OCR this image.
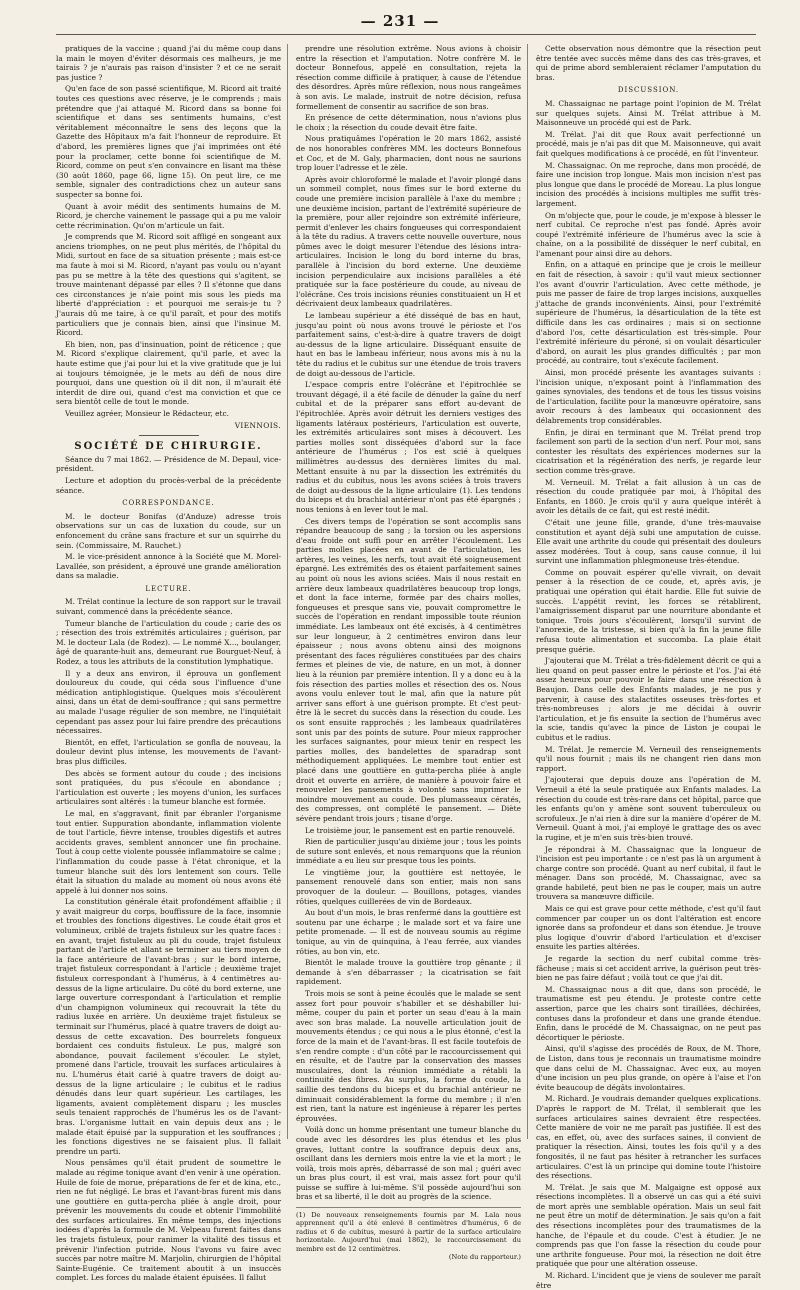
— 231 —

pratiques de la vaccine ; quand j'ai du même coup dans la main le moyen d'éviter désormais ces malheurs, je me tairais ? je n'aurais pas raison d'insister ? et ce ne serait pas justice ?

Qu'en face de son passé scientifique, M. Ricord ait traité toutes ces questions avec réserve, je le comprends ; mais prétendre que j'ai attaqué M. Ricord dans sa bonne foi scientifique et dans ses sentiments humains, c'est véritablement méconnaître le sens des leçons que la Gazette des Hôpitaux m'a fait l'honneur de reproduire. Et d'abord, les premières lignes que j'ai imprimées ont été pour la proclamer, cette bonne foi scientifique de M. Ricord, comme on peut s'en convaincre en lisant ma thèse (30 août 1860, page 66, ligne 15). On peut lire, ce me semble, signaler des contradictions chez un auteur sans suspecter sa bonne foi.

Quant à avoir médit des sentiments humains de M. Ricord, je cherche vainement le passage qui a pu me valoir cette récrimination. Qu'on m'articule un fait.

Je comprends que M. Ricord soit affligé en songeant aux anciens triomphes, on ne peut plus mérités, de l'hôpital du Midi, surtout en face de sa situation présente ; mais est-ce ma faute à moi si M. Ricord, n'ayant pas voulu ou n'ayant pas pu se mettre à la tête des questions qui s'agitent, se trouve maintenant dépassé par elles ? Il s'étonne que dans ces circonstances je n'aie point mis sous les pieds ma liberté d'appréciation : et pourquoi me serais-je tu ? J'aurais dû me taire, à ce qu'il paraît, et pour des motifs particuliers que je connais bien, ainsi que l'insinue M. Ricord.

Eh bien, non, pas d'insinuation, point de réticence ; que M. Ricord s'explique clairement, qu'il parle, et avec la haute estime que j'ai pour lui et la vive gratitude que je lui ai toujours témoignée, je le mets au défi de nous dire pourquoi, dans une question où il dit non, il m'aurait été interdit de dire oui, quand c'est ma conviction et que ce sera bientôt celle de tout le monde.

Veuillez agréer, Monsieur le Rédacteur, etc.

VIENNOIS.

SOCIÉTÉ DE CHIRURGIE.

Séance du 7 mai 1862. — Présidence de M. Depaul, vice-président.

Lecture et adoption du procès-verbal de la précédente séance.

CORRESPONDANCE.

M. le docteur Bonifas (d'Anduze) adresse trois observations sur un cas de luxation du coude, sur un enfoncement du crâne sans fracture et sur un squirrhe du sein. (Commissaire, M. Rauchet.)

M. le vice-président annonce à la Société que M. Morel-Lavallée, son président, a éprouvé une grande amélioration dans sa maladie.

LECTURE.

M. Trélat continue la lecture de son rapport sur le travail suivant, commencé dans la précédente séance.

Tumeur blanche de l'articulation du coude ; carie des os ; résection des trois extrémités articulaires ; guérison, par M. le docteur Lala (de Rodez). — Le nommé X..., boulanger, âgé de quarante-huit ans, demeurant rue Bourguet-Neuf, à Rodez, a tous les attributs de la constitution lymphatique.

Il y a deux ans environ, il éprouva un gonflement douloureux du coude, qui céda sous l'influence d'une médication antiphlogistique. Quelques mois s'écoulèrent ainsi, dans un état de demi-souffrance ; qui sans permettre au malade l'usage régulier de son membre, ne l'inquiétait cependant pas assez pour lui faire prendre des précautions nécessaires.

Bientôt, en effet, l'articulation se gonfla de nouveau, la douleur devint plus intense, les mouvements de l'avant-bras plus difficiles.

Des abcès se forment autour du coude ; des incisions sont pratiquées, du pus s'écoule en abondance ; l'articulation est ouverte ; les moyens d'union, les surfaces articulaires sont altérés : la tumeur blanche est formée.

Le mal, en s'aggravant, finit par ébranler l'organisme tout entier. Suppuration abondante, inflammation violente de tout l'article, fièvre intense, troubles digestifs et autres accidents graves, semblent annoncer une fin prochaine. Tout à coup cette violente poussée inflammatoire se calme ; l'inflammation du coude passe à l'état chronique, et la tumeur blanche suit dès lors lentement son cours. Telle était la situation du malade au moment où nous avons été appelé à lui donner nos soins.

La constitution générale était profondément affaiblie ; il y avait maigreur du corps, bouffissure de la face, insomnie et troubles des fonctions digestives. Le coude était gros et volumineux, criblé de trajets fistuleux sur les quatre faces : en avant, trajet fistuleux au pli du coude, trajet fistuleux partant de l'article et allant se terminer au tiers moyen de la face antérieure de l'avant-bras ; sur le bord interne, trajet fistuleux correspondant à l'article ; deuxième trajet fistuleux correspondant à l'humérus, à 4 centimètres au-dessus de la ligne articulaire. Du côté du bord externe, une large ouverture correspondant à l'articulation et remplie d'un champignon volumineux qui recouvrait la tête du radius luxée en arrière. Un deuxième trajet fistuleux se terminait sur l'humérus, placé à quatre travers de doigt au-dessus de cette excavation. Des bourrelets fongueux bordaient ces conduits fistuleux. Le pus, malgré son abondance, pouvait facilement s'écouler. Le stylet, promené dans l'article, trouvait les surfaces articulaires à nu. L'humérus était carié à quatre travers de doigt au-dessus de la ligne articulaire ; le cubitus et le radius dénudés dans leur quart supérieur. Les cartilages, les ligaments, avaient complètement disparu ; les muscles seuls tenaient rapprochés de l'humérus les os de l'avant-bras. L'organisme luttait en vain depuis deux ans ; le malade était épuisé par la suppuration et les souffrances ; les fonctions digestives ne se faisaient plus. Il fallait prendre un parti.

Nous pensâmes qu'il était prudent de soumettre le malade au régime tonique avant d'en venir à une opération. Huile de foie de morue, préparations de fer et de kina, etc., rien ne fut négligé. Le bras et l'avant-bras furent mis dans une gouttière en gutta-percha pliée à angle droit, pour prévenir les mouvements du coude et obtenir l'immobilité des surfaces articulaires. En même temps, des injections iodées d'après la formule de M. Velpeau furent faites dans les trajets fistuleux, pour ranimer la vitalité des tissus et prévenir l'infection putride. Nous l'avons vu faire avec succès par notre maître M. Marjolin, chirurgien de l'hôpital Sainte-Eugénie. Ce traitement aboutit à un insuccès complet. Les forces du malade étaient épuisées. Il fallut

prendre une résolution extrême. Nous avions à choisir entre la résection et l'amputation. Notre confrère M. le docteur Bonnefous, appelé en consultation, rejeta la résection comme difficile à pratiquer, à cause de l'étendue des désordres. Après mûre réflexion, nous nous rangeâmes à son avis. Le malade, instruit de notre décision, refusa formellement de consentir au sacrifice de son bras.

En présence de cette détermination, nous n'avions plus le choix ; la résection du coude devait être faite.

Nous pratiquâmes l'opération le 20 mars 1862, assisté de nos honorables confrères MM. les docteurs Bonnefous et Coc, et de M. Galy, pharmacien, dont nous ne saurions trop louer l'adresse et le zèle.

Après avoir chloroformé le malade et l'avoir plongé dans un sommeil complet, nous fîmes sur le bord externe du coude une première incision parallèle à l'axe du membre ; une deuxième incision, partant de l'extrémité supérieure de la première, pour aller rejoindre son extrémité inférieure, permit d'enlever les chairs fongueuses qui correspondaient à la tête du radius. A travers cette nouvelle ouverture, nous pûmes avec le doigt mesurer l'étendue des lésions intra-articulaires. Incision le long du bord interne du bras, parallèle à l'incision du bord externe. Une deuxième incision perpendiculaire aux incisions parallèles a été pratiquée sur la face postérieure du coude, au niveau de l'olécrâne. Ces trois incisions réunies constituaient un H et décrivaient deux lambeaux quadrilatères.

Le lambeau supérieur a été disséqué de bas en haut, jusqu'au point où nous avons trouvé le périoste et l'os parfaitement sains, c'est-à-dire à quatre travers de doigt au-dessus de la ligne articulaire. Disséquant ensuite de haut en bas le lambeau inférieur, nous avons mis à nu la tête du radius et le cubitus sur une étendue de trois travers de doigt au-dessous de l'article.

L'espace compris entre l'olécrâne et l'épitrochlée se trouvant dégagé, il a été facile de dénuder la gaîne du nerf cubital et de la préparer sans effort au-devant de l'épitrochlée. Après avoir détruit les derniers vestiges des ligaments latéraux postérieurs, l'articulation est ouverte, les extrémités articulaires sont mises à découvert. Les parties molles sont disséquées d'abord sur la face antérieure de l'humérus ; l'os est scié à quelques millimètres au-dessus des dernières limites du mal. Mettant ensuite à nu par la dissection les extrémités du radius et du cubitus, nous les avons sciées à trois travers de doigt au-dessous de la ligne articulaire (1). Les tendons du biceps et du brachial antérieur n'ont pas été épargnés ; nous tenions à en lever tout le mal.

Ces divers temps de l'opération se sont accomplis sans répandre beaucoup de sang ; la torsion ou les aspersions d'eau froide ont suffi pour en arrêter l'écoulement. Les parties molles placées en avant de l'articulation, les artères, les veines, les nerfs, tout avait été soigneusement épargné. Les extrémités des os étaient parfaitement saines au point où nous les avions sciées. Mais il nous restait en arrière deux lambeaux quadrilatères beaucoup trop longs, et dont la face interne, formée par des chairs molles, fongueuses et presque sans vie, pouvait compromettre le succès de l'opération en rendant impossible toute réunion immédiate. Les lambeaux ont été excisés, à 4 centimètres sur leur longueur, à 2 centimètres environ dans leur épaisseur ; nous avons obtenu ainsi des moignons présentant des faces régulières constituées par des chairs fermes et pleines de vie, de nature, en un mot, à donner lieu à la réunion par première intention. Il y a donc eu à la fois résection des parties molles et résection des os. Nous avons voulu enlever tout le mal, afin que la nature pût arriver sans effort à une guérison prompte. Et c'est peut-être là le secret du succès dans la résection du coude. Les os sont ensuite rapprochés ; les lambeaux quadrilatères sont unis par des points de suture. Pour mieux rapprocher les surfaces saignantes, pour mieux tenir en respect les parties molles, des bandelettes de sparadrap sont méthodiquement appliquées. Le membre tout entier est placé dans une gouttière en gutta-percha pliée à angle droit et ouverte en arrière, de manière à pouvoir faire et renouveler les pansements à volonté sans imprimer le moindre mouvement au coude. Des plumasseaux cératés, des compresses, ont complété le pansement. — Diète sévère pendant trois jours ; tisane d'orge.

Le troisième jour, le pansement est en partie renouvelé.

Rien de particulier jusqu'au dixième jour ; tous les points de suture sont enlevés, et nous remarquons que la réunion immédiate a eu lieu sur presque tous les points.

Le vingtième jour, la gouttière est nettoyée, le pansement renouvelé dans son entier, mais non sans provoquer de la douleur. — Bouillons, potages, viandes rôties, quelques cuillerées de vin de Bordeaux.

Au bout d'un mois, le bras renfermé dans la gouttière est soutenu par une écharpe ; le malade sort et va faire une petite promenade. — Il est de nouveau soumis au régime tonique, au vin de quinquina, à l'eau ferrée, aux viandes rôties, au bon vin, etc.

Bientôt le malade trouve la gouttière trop gênante ; il demande à s'en débarrasser ; la cicatrisation se fait rapidement.

Trois mois se sont à peine écoulés que le malade se sent assez fort pour pouvoir s'habiller et se déshabiller lui-même, couper du pain et porter un seau d'eau à la main avec son bras malade. La nouvelle articulation jouit de mouvements étendus ; ce qui nous a le plus étonné, c'est la force de la main et de l'avant-bras. Il est facile toutefois de s'en rendre compte : d'un côté par le raccourcissement qui en résulte, et de l'autre par la conservation des masses musculaires, dont la réunion immédiate a rétabli la continuité des fibres. Au surplus, la forme du coude, la saillie des tendons du biceps et du brachial antérieur ne diminuait considérablement la forme du membre ; il n'en est rien, tant la nature est ingénieuse à réparer les pertes éprouvées.

Voilà donc un homme présentant une tumeur blanche du coude avec les désordres les plus étendus et les plus graves, luttant contre la souffrance depuis deux ans, oscillant dans les derniers mois entre la vie et la mort ; le voilà, trois mois après, débarrassé de son mal ; guéri avec un bras plus court, il est vrai, mais assez fort pour qu'il puisse se suffire à lui-même. S'il possède aujourd'hui son bras et sa liberté, il le doit au progrès de la science.

(1) De nouveaux renseignements fournis par M. Lala nous apprennent qu'il a été enlevé 8 centimètres d'humérus, 6 de radius et 6 de cubitus, mesuré à partir de la surface articulaire horizontale. Aujourd'hui (mai 1862), le raccourcissement du membre est de 12 centimètres.
(Note du rapporteur.)

Cette observation nous démontre que la résection peut être tentée avec succès même dans des cas très-graves, et qui de prime abord sembleraient réclamer l'amputation du bras.

DISCUSSION.

M. Chassaignac ne partage point l'opinion de M. Trélat sur quelques sujets. Ainsi M. Trélat attribue à M. Maisonneuve un procédé qui est de Park.

M. Trélat. J'ai dit que Roux avait perfectionné un procédé, mais je n'ai pas dit que M. Maisonneuve, qui avait fait quelques modifications à ce procédé, en fût l'inventeur.

M. Chassaignac. On me reproche, dans mon procédé, de faire une incision trop longue. Mais mon incision n'est pas plus longue que dans le procédé de Moreau. La plus longue incision des procédés à incisions multiples me suffit très-largement.

On m'objecte que, pour le coude, je m'expose à blesser le nerf cubital. Ce reproche n'est pas fondé. Après avoir coupé l'extrémité inférieure de l'humérus avec la scie à chaîne, on a la possibilité de disséquer le nerf cubital, en l'amenant pour ainsi dire au dehors.

Enfin, on a attaqué en principe que je crois le meilleur en fait de résection, à savoir : qu'il vaut mieux sectionner l'os avant d'ouvrir l'articulation. Avec cette méthode, je puis me passer de faire de trop larges incisions, auxquelles j'attache de grands inconvénients. Ainsi, pour l'extrémité supérieure de l'humérus, la désarticulation de la tête est difficile dans les cas ordinaires ; mais si on sectionne d'abord l'os, cette désarticulation est très-simple. Pour l'extrémité inférieure du péroné, si on voulait désarticuler d'abord, on aurait les plus grandes difficultés ; par mon procédé, au contraire, tout s'exécute facilement.

Ainsi, mon procédé présente les avantages suivants : l'incision unique, n'exposant point à l'inflammation des gaines synoviales, des tendons et de tous les tissus voisins de l'articulation, facilite pour la manœuvre opératoire, sans avoir recours à des lambeaux qui occasionnent des délabrements trop considérables.

Enfin, je dirai en terminant que M. Trélat prend trop facilement son parti de la section d'un nerf. Pour moi, sans contester les résultats des expériences modernes sur la cicatrisation et la régénération des nerfs, je regarde leur section comme très-grave.

M. Verneuil. M. Trélat a fait allusion à un cas de résection du coude pratiquée par moi, à l'hôpital des Enfants, en 1860. Je crois qu'il y aura quelque intérêt à avoir les détails de ce fait, qui est resté inédit.

C'était une jeune fille, grande, d'une très-mauvaise constitution et ayant déjà subi une amputation de cuisse. Elle avait une arthrite du coude qui présentait des douleurs assez modérées. Tout à coup, sans cause connue, il lui survint une inflammation phlegmoneuse très-étendue.

Comme on pouvait espérer qu'elle vivrait, on devait penser à la résection de ce coude, et, après avis, je pratiquai une opération qui était hardie. Elle fut suivie de succès. L'appétit revint, les forces se rétablirent, l'amaigrissement disparut par une nourriture abondante et tonique. Trois jours s'écoulèrent, lorsqu'il survint de l'anorexie, de la tristesse, si bien qu'à la fin la jeune fille refusa toute alimentation et succomba. La plaie était presque guérie.

J'ajouterai que M. Trélat a très-fidèlement décrit ce qui a lieu quand on peut passer entre le périoste et l'os. J'ai été assez heureux pour pouvoir le faire dans une résection à Beaujon. Dans celle des Enfants malades, je ne pus y parvenir, à cause des stalactites osseuses très-fortes et très-nombreuses ; alors je me décidai à ouvrir l'articulation, et je fis ensuite la section de l'humérus avec la scie, tandis qu'avec la pince de Liston je coupai le cubitus et le radius.

M. Trélat. Je remercie M. Verneuil des renseignements qu'il nous fournit ; mais ils ne changent rien dans mon rapport.

J'ajouterai que depuis douze ans l'opération de M. Verneuil a été la seule pratiquée aux Enfants malades. La résection du coude est très-rare dans cet hôpital, parce que les enfants qu'on y amène sont souvent tuberculeux ou scrofuleux. Je n'ai rien à dire sur la manière d'opérer de M. Verneuil. Quant à moi, j'ai employé le grattage des os avec la rugine, et je m'en suis très-bien trouvé.

Je répondrai à M. Chassaignac que la longueur de l'incision est peu importante : ce n'est pas là un argument à charge contre son procédé. Quant au nerf cubital, il faut le ménager. Dans son procédé, M. Chassaignac, avec sa grande habileté, peut bien ne pas le couper, mais un autre trouvera sa manœuvre difficile.

Mais ce qui est grave pour cette méthode, c'est qu'il faut commencer par couper un os dont l'altération est encore ignorée dans sa profondeur et dans son étendue. Je trouve plus logique d'ouvrir d'abord l'articulation et d'exciser ensuite les parties altérées.

Je regarde la section du nerf cubital comme très-fâcheuse ; mais si cet accident arrive, la guérison peut très-bien ne pas faire défaut ; voilà tout ce que j'ai dit.

M. Chassaignac nous a dit que, dans son procédé, le traumatisme est peu étendu. Je proteste contre cette assertion, parce que les chairs sont tiraillées, déchirées, contuses dans la profondeur et dans une grande étendue. Enfin, dans le procédé de M. Chassaignac, on ne peut pas décortiquer le périoste.

Ainsi, qu'il s'agisse des procédés de Roux, de M. Thore, de Liston, dans tous je reconnais un traumatisme moindre que dans celui de M. Chassaignac. Avec eux, au moyen d'une incision un peu plus grande, on opère à l'aise et l'on évite beaucoup de dégâts involontaires.

M. Richard. Je voudrais demander quelques explications. D'après le rapport de M. Trélat, il semblerait que les surfaces articulaires saines devraient être respectées. Cette manière de voir ne me paraît pas justifiée. Il est des cas, en effet, où, avec des surfaces saines, il convient de pratiquer la résection. Ainsi, toutes les fois qu'il y a des fongosités, il ne faut pas hésiter à retrancher les surfaces articulaires. C'est là un principe qui domine toute l'histoire des résections.

M. Trélat. Je sais que M. Malgaigne est opposé aux résections incomplètes. Il a observé un cas qui a été suivi de mort après une semblable opération. Mais un seul fait ne peut être un motif de détermination. Je sais qu'on a fait des résections incomplètes pour des traumatismes de la hanche, de l'épaule et du coude. C'est à étudier. Je ne comprends pas que l'on fasse la résection du coude pour une arthrite fongueuse. Pour moi, la résection ne doit être pratiquée que pour une altération osseuse.

M. Richard. L'incident que je viens de soulever me paraît être
